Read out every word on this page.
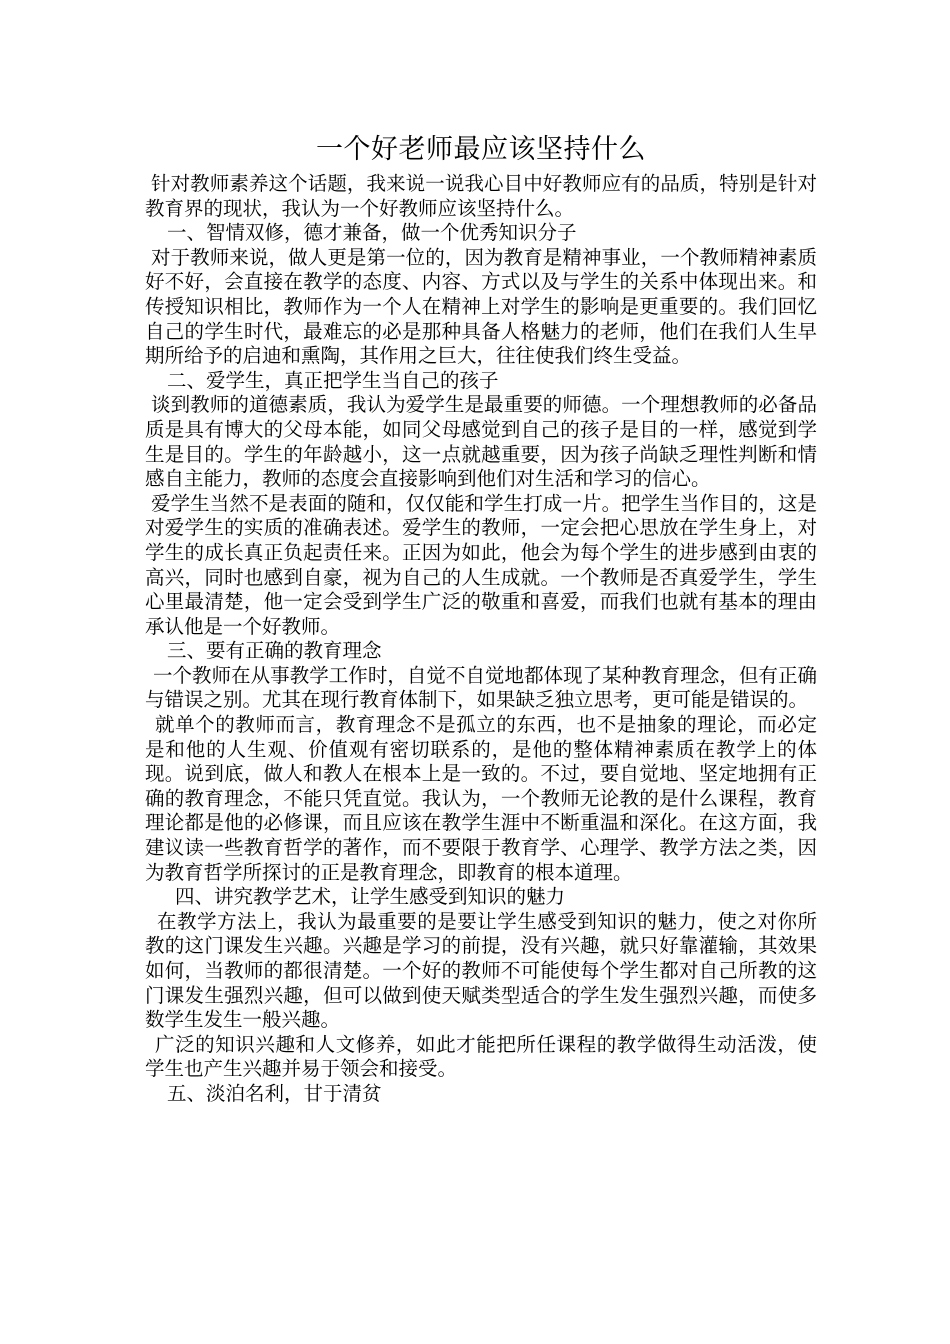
一个好老师最应该坚持什么

针对教师素养这个话题，我来说一说我心目中好教师应有的品质，特别是针对教育界的现状，我认为一个好教师应该坚持什么。

一、智情双修，德才兼备，做一个优秀知识分子

对于教师来说，做人更是第一位的，因为教育是精神事业，一个教师精神素质好不好，会直接在教学的态度、内容、方式以及与学生的关系中体现出来。和传授知识相比，教师作为一个人在精神上对学生的影响是更重要的。我们回忆自己的学生时代，最难忘的必是那种具备人格魅力的老师，他们在我们人生早期所给予的启迪和熏陶，其作用之巨大，往往使我们终生受益。

二、爱学生，真正把学生当自己的孩子

谈到教师的道德素质，我认为爱学生是最重要的师德。一个理想教师的必备品质是具有博大的父母本能，如同父母感觉到自己的孩子是目的一样，感觉到学生是目的。学生的年龄越小，这一点就越重要，因为孩子尚缺乏理性判断和情感自主能力，教师的态度会直接影响到他们对生活和学习的信心。

爱学生当然不是表面的随和，仅仅能和学生打成一片。把学生当作目的，这是对爱学生的实质的准确表述。爱学生的教师，一定会把心思放在学生身上，对学生的成长真正负起责任来。正因为如此，他会为每个学生的进步感到由衷的高兴，同时也感到自豪，视为自己的人生成就。一个教师是否真爱学生，学生心里最清楚，他一定会受到学生广泛的敬重和喜爱，而我们也就有基本的理由承认他是一个好教师。

三、要有正确的教育理念

一个教师在从事教学工作时，自觉不自觉地都体现了某种教育理念，但有正确与错误之别。尤其在现行教育体制下，如果缺乏独立思考，更可能是错误的。

就单个的教师而言，教育理念不是孤立的东西，也不是抽象的理论，而必定是和他的人生观、价值观有密切联系的，是他的整体精神素质在教学上的体现。说到底，做人和教人在根本上是一致的。不过，要自觉地、坚定地拥有正确的教育理念，不能只凭直觉。我认为，一个教师无论教的是什么课程，教育理论都是他的必修课，而且应该在教学生涯中不断重温和深化。在这方面，我建议读一些教育哲学的著作，而不要限于教育学、心理学、教学方法之类，因为教育哲学所探讨的正是教育理念，即教育的根本道理。

四、讲究教学艺术，让学生感受到知识的魅力

在教学方法上，我认为最重要的是要让学生感受到知识的魅力，使之对你所教的这门课发生兴趣。兴趣是学习的前提，没有兴趣，就只好靠灌输，其效果如何，当教师的都很清楚。一个好的教师不可能使每个学生都对自己所教的这门课发生强烈兴趣，但可以做到使天赋类型适合的学生发生强烈兴趣，而使多数学生发生一般兴趣。

广泛的知识兴趣和人文修养，如此才能把所任课程的教学做得生动活泼，使学生也产生兴趣并易于领会和接受。

五、淡泊名利，甘于清贫
